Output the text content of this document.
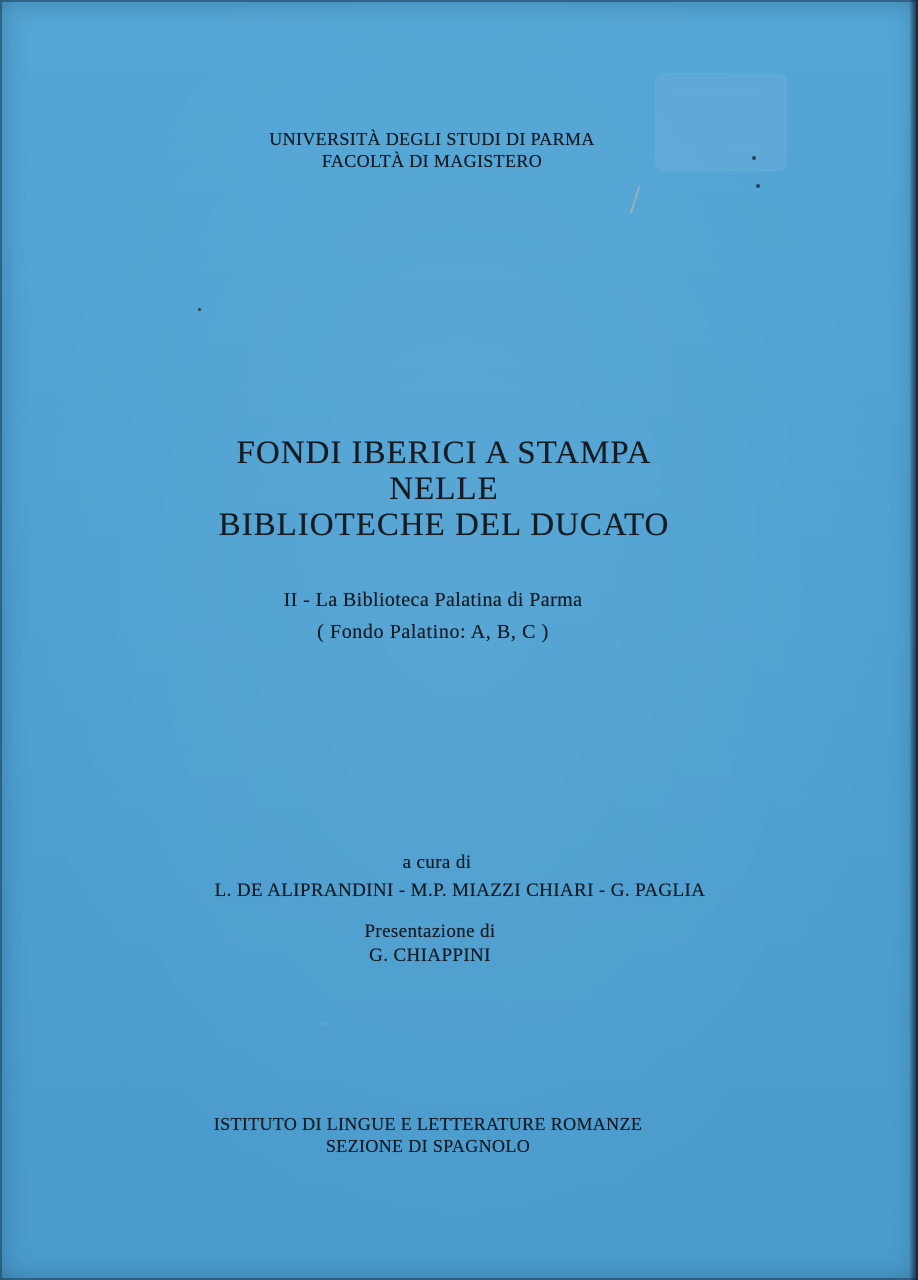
UNIVERSITÀ DEGLI STUDI DI PARMA
FACOLTÀ DI MAGISTERO
FONDI IBERICI A STAMPA
NELLE
BIBLIOTECHE DEL DUCATO
II - La Biblioteca Palatina di Parma
( Fondo Palatino: A, B, C )
a cura di
L. DE ALIPRANDINI - M.P. MIAZZI CHIARI - G. PAGLIA
Presentazione di
G. CHIAPPINI
ISTITUTO DI LINGUE E LETTERATURE ROMANZE
SEZIONE DI SPAGNOLO
